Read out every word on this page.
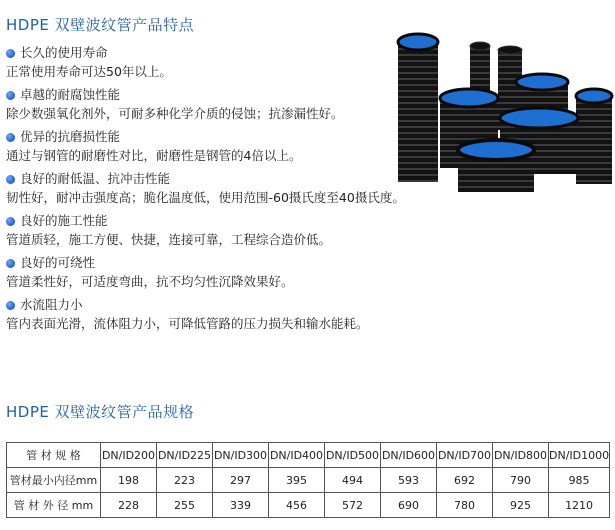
HDPE 双壁波纹管产品特点
长久的使用寿命
正常使用寿命可达50年以上。
卓越的耐腐蚀性能
除少数强氧化剂外，可耐多种化学介质的侵蚀；抗渗漏性好。
优异的抗磨损性能
通过与钢管的耐磨性对比，耐磨性是钢管的4倍以上。
良好的耐低温、抗冲击性能
韧性好，耐冲击强度高；脆化温度低，使用范围-60摄氏度至40摄氏度。
良好的施工性能
管道质轻，施工方便、快捷，连接可靠，工程综合造价低。
良好的可绕性
管道柔性好，可适度弯曲，抗不均匀性沉降效果好。
水流阻力小
管内表面光滑，流体阻力小，可降低管路的压力损失和输水能耗。
HDPE 双壁波纹管产品规格
管 材 规 格	DN/ID200	DN/ID225	DN/ID300	DN/ID400	DN/ID500	DN/ID600	DN/ID700	DN/ID800	DN/ID1000
管材最小内径mm	198	223	297	395	494	593	692	790	985
管 材 外 径 mm	228	255	339	456	572	690	780	925	1210
